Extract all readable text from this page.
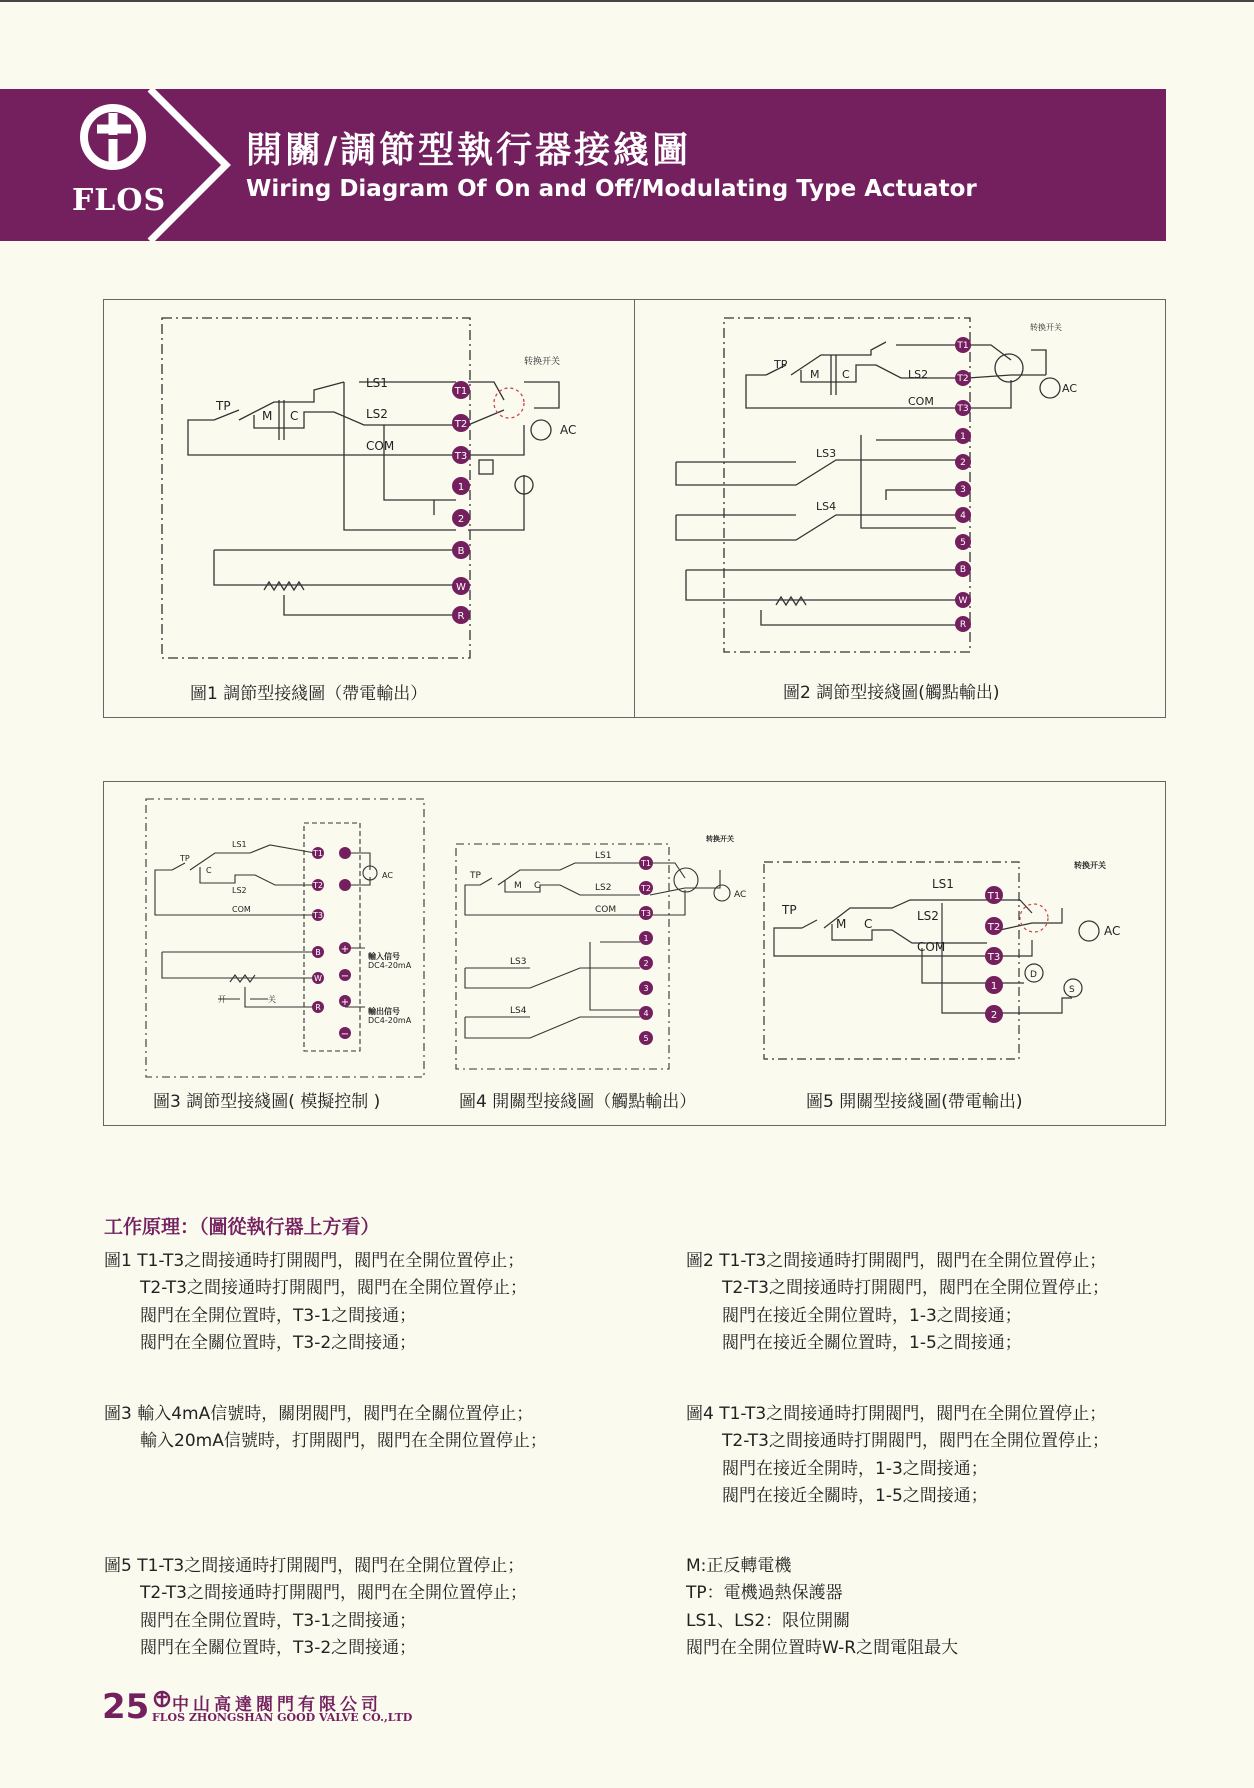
FLOS
開關/調節型執行器接綫圖
Wiring Diagram Of On and Off/Modulating Type Actuator
TP
M C
LS1
LS2
COM
转换开关
AC
T1
T2
T3
1
2
B
W
R
圖1 調節型接綫圖（帶電輸出）
TP
M C	LS2
COM
LS3
LS4
转换开关
AC
T1
T2
T3
1
2
3
4
5
B
W
R
圖2 調節型接綫圖(觸點輸出)
TP
C
LS1
LS2
COM
AC
开	关
輸入信号
DC4-20mA
輸出信号
DC4-20mA
T1
T2
T3
B
W
R
+
−
+
−
圖3 調節型接綫圖( 模擬控制 )
TP
M C
LS1
LS2
COM
LS3
LS4
转换开关
AC
T1
T2
T3
1
2
3
4
5
圖4 開關型接綫圖（觸點輸出）
TP
M C
LS1
LS2
COM
转换开关
AC
D
S
T1
T2
T3
1
2
圖5 開關型接綫圖(帶電輸出)
工作原理：（圖從執行器上方看）
圖1 T1-T3之間接通時打開閥門，閥門在全開位置停止；
T2-T3之間接通時打開閥門，閥門在全開位置停止；
閥門在全開位置時，T3-1之間接通；
閥門在全關位置時，T3-2之間接通；
圖2 T1-T3之間接通時打開閥門，閥門在全開位置停止；
T2-T3之間接通時打開閥門，閥門在全開位置停止；
閥門在接近全開位置時，1-3之間接通；
閥門在接近全關位置時，1-5之間接通；
圖3 輸入4mA信號時，關閉閥門，閥門在全關位置停止；
輸入20mA信號時，打開閥門，閥門在全開位置停止；
圖4 T1-T3之間接通時打開閥門，閥門在全開位置停止；
T2-T3之間接通時打開閥門，閥門在全開位置停止；
閥門在接近全開時，1-3之間接通；
閥門在接近全關時，1-5之間接通；
圖5 T1-T3之間接通時打開閥門，閥門在全開位置停止；
T2-T3之間接通時打開閥門，閥門在全開位置停止；
閥門在全開位置時，T3-1之間接通；
閥門在全關位置時，T3-2之間接通；
M:正反轉電機
TP：電機過熱保護器
LS1、LS2：限位開關
閥門在全開位置時W-R之間電阻最大
25 中山高達閥門有限公司
FLOS ZHONGSHAN GOOD VALVE CO.,LTD
